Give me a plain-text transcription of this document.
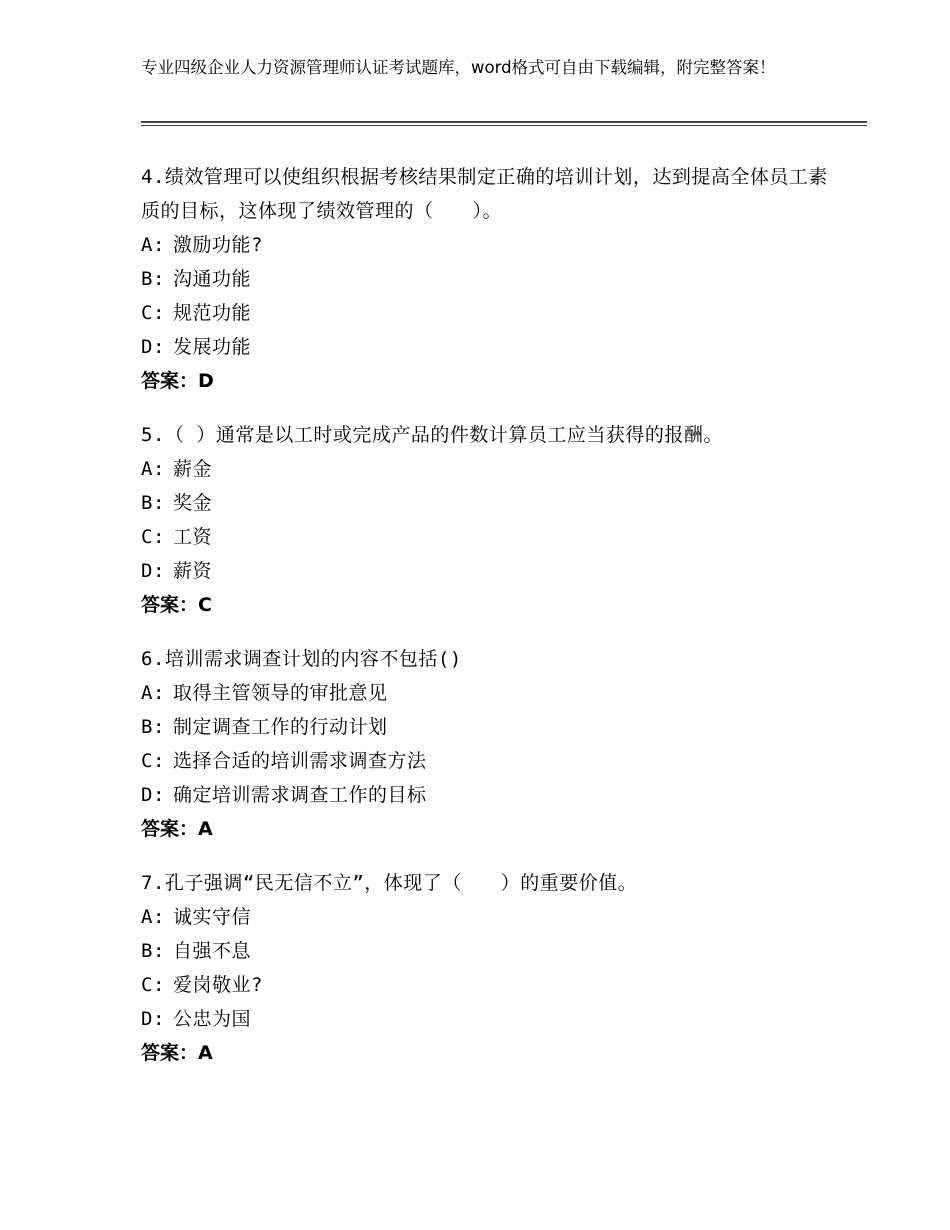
专业四级企业人力资源管理师认证考试题库，word格式可自由下载编辑，附完整答案！
4.绩效管理可以使组织根据考核结果制定正确的培训计划，达到提高全体员工素质的目标，这体现了绩效管理的（　　）。
A: 激励功能?
B: 沟通功能
C: 规范功能
D: 发展功能
答案：D
5.（ ）通常是以工时或完成产品的件数计算员工应当获得的报酬。
A: 薪金
B: 奖金
C: 工资
D: 薪资
答案：C
6.培训需求调查计划的内容不包括()
A: 取得主管领导的审批意见
B: 制定调查工作的行动计划
C: 选择合适的培训需求调查方法
D: 确定培训需求调查工作的目标
答案：A
7.孔子强调“民无信不立”，体现了（　　）的重要价值。
A: 诚实守信
B: 自强不息
C: 爱岗敬业?
D: 公忠为国
答案：A
